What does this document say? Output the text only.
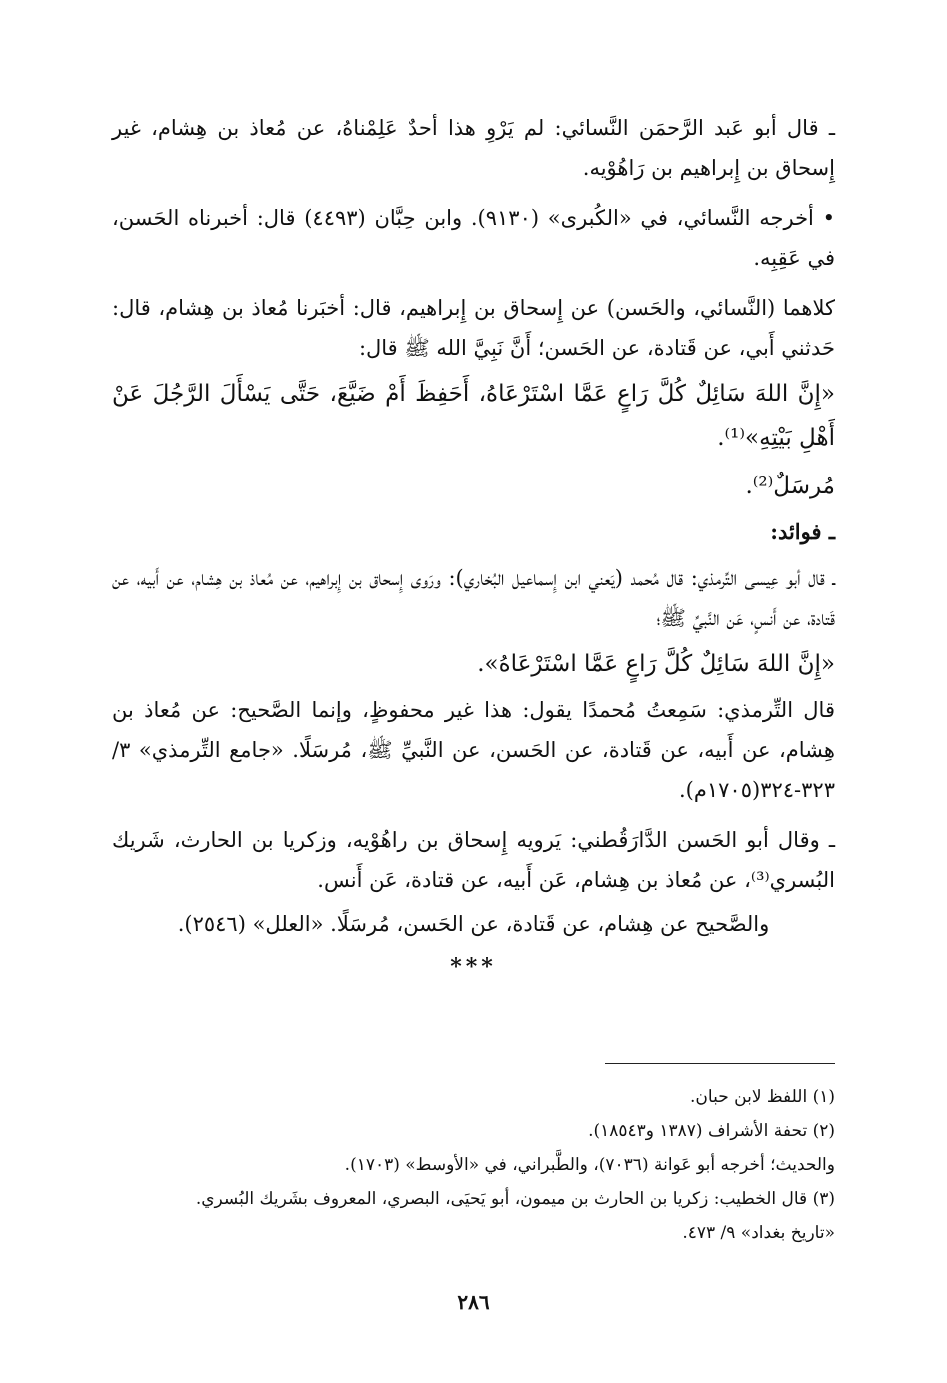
ـ قال أبو عَبد الرَّحمَن النَّسائي: لم يَرْوِ هذا أحدٌ عَلِمْناهُ، عن مُعاذ بن هِشام، غير إِسحاق بن إِبراهيم بن رَاهُوْيه.

• أخرجه النَّسائي، في «الكُبرى» (٩١٣٠). وابن حِبَّان (٤٤٩٣) قال: أخبرناه الحَسن، في عَقِبِه.

كلاهما (النَّسائي، والحَسن) عن إِسحاق بن إِبراهيم، قال: أخبَرنا مُعاذ بن هِشام، قال: حَدثني أَبي، عن قَتادة، عن الحَسن؛ أَنَّ نَبِيَّ الله ﷺ قال:

«إِنَّ اللهَ سَائِلٌ كُلَّ رَاعٍ عَمَّا اسْتَرْعَاهُ، أَحَفِظَ أَمْ ضَيَّعَ، حَتَّى يَسْأَلَ الرَّجُلَ عَنْ أَهْلِ بَيْتِهِ»⁽¹⁾.

مُرسَلٌ⁽²⁾.

ـ فوائد:

ـ قال أبو عِيسى التِّرمذي: قال مُحمد (يَعني ابن إِسماعيل البُخاري): ورَوى إِسحاق بن إِبراهيم، عن مُعاذ بن هِشام، عن أَبيه، عن قَتادة، عن أَنسٍ، عَن النَّبيِّ ﷺ؛

«إِنَّ اللهَ سَائِلٌ كُلَّ رَاعٍ عَمَّا اسْتَرْعَاهُ».

قال التِّرمذي: سَمِعتُ مُحمدًا يقول: هذا غير محفوظٍ، وإنما الصَّحيح: عن مُعاذ بن هِشام، عن أَبيه، عن قَتادة، عن الحَسن، عن النَّبيِّ ﷺ، مُرسَلًا. «جامع التِّرمذي» ٣/ ٣٢٣-٣٢٤(١٧٠٥م).

ـ وقال أبو الحَسن الدَّارَقُطني: يَرويه إِسحاق بن راهُوْيه، وزكريا بن الحارث، شَريك البُسري⁽³⁾، عن مُعاذ بن هِشام، عَن أَبيه، عن قتادة، عَن أَنس.

والصَّحيح عن هِشام، عن قَتادة، عن الحَسن، مُرسَلًا. «العلل» (٢٥٤٦).

***

(١) اللفظ لابن حبان.

(٢) تحفة الأشراف (١٣٨٧ و١٨٥٤٣).

والحديث؛ أخرجه أبو عَوانة (٧٠٣٦)، والطَّبراني، في «الأوسط» (١٧٠٣).

(٣) قال الخطيب: زكريا بن الحارث بن ميمون، أبو يَحيَى، البصري، المعروف بشَريك البُسري.

«تاريخ بغداد» ٩/ ٤٧٣.

٢٨٦
